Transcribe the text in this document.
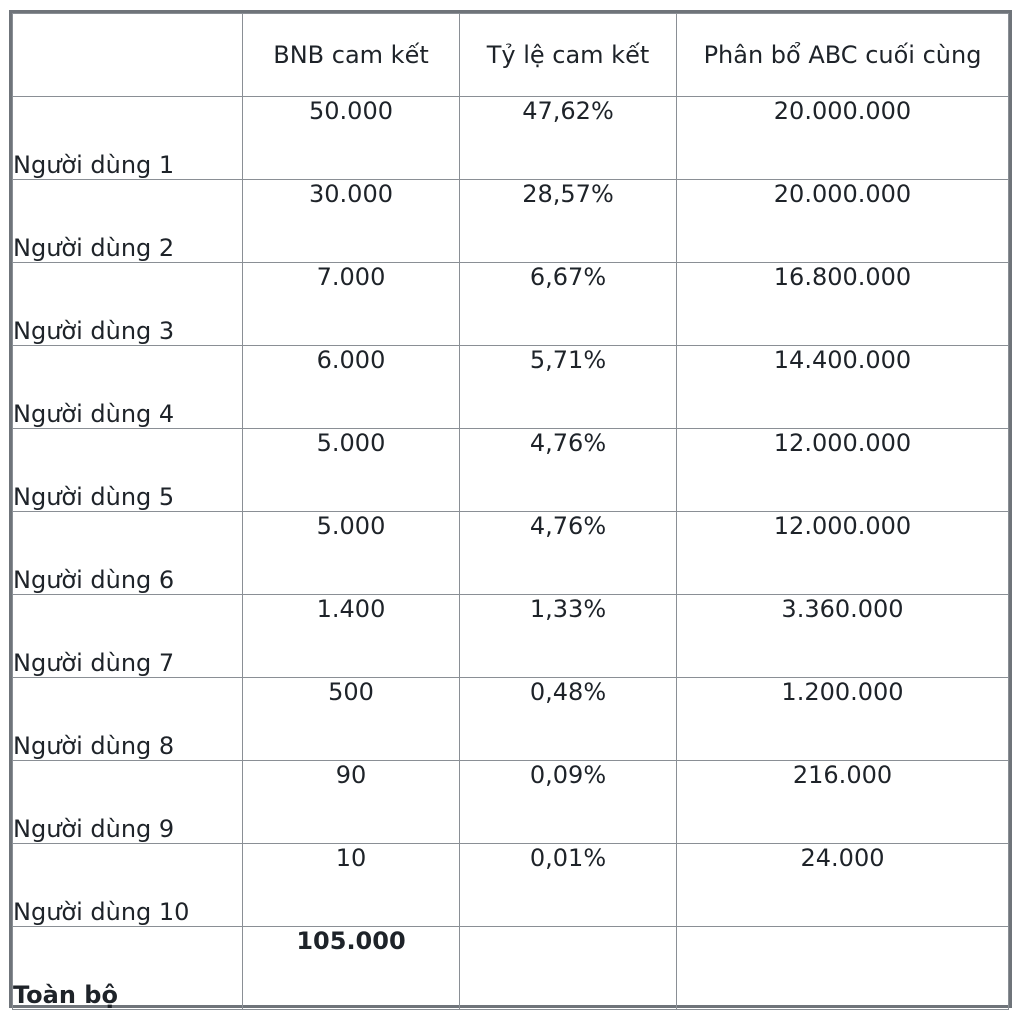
	BNB cam kết	Tỷ lệ cam kết	Phân bổ ABC cuối cùng
Người dùng 1	50.000	47,62%	20.000.000
Người dùng 2	30.000	28,57%	20.000.000
Người dùng 3	7.000	6,67%	16.800.000
Người dùng 4	6.000	5,71%	14.400.000
Người dùng 5	5.000	4,76%	12.000.000
Người dùng 6	5.000	4,76%	12.000.000
Người dùng 7	1.400	1,33%	3.360.000
Người dùng 8	500	0,48%	1.200.000
Người dùng 9	90	0,09%	216.000
Người dùng 10	10	0,01%	24.000
Toàn bộ	105.000		
